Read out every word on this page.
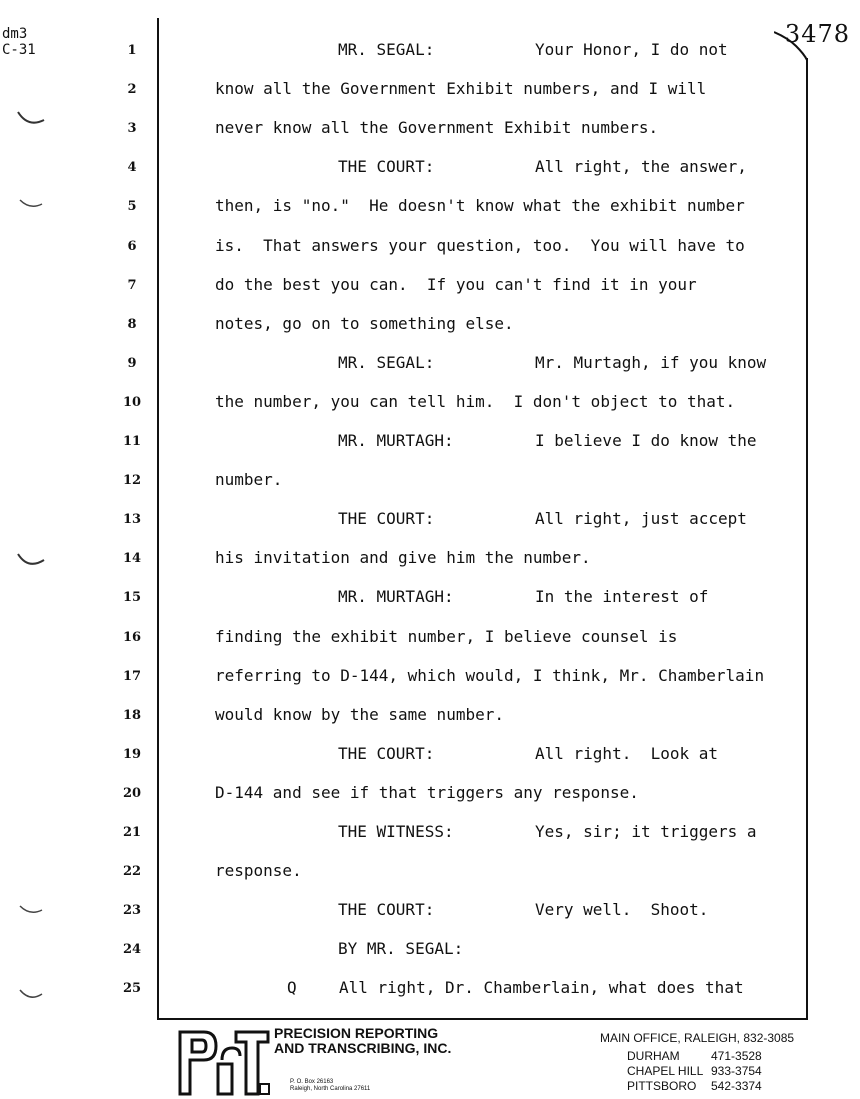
dm3
C-31
3478
1	MR. SEGAL:	Your Honor, I do not
2	know all the Government Exhibit numbers, and I will
3	never know all the Government Exhibit numbers.
4	THE COURT:	All right, the answer,
5	then, is "no."  He doesn't know what the exhibit number
6	is.  That answers your question, too.  You will have to
7	do the best you can.  If you can't find it in your
8	notes, go on to something else.
9	MR. SEGAL:	Mr. Murtagh, if you know
10	the number, you can tell him.  I don't object to that.
11	MR. MURTAGH:	I believe I do know the
12	number.
13	THE COURT:	All right, just accept
14	his invitation and give him the number.
15	MR. MURTAGH:	In the interest of
16	finding the exhibit number, I believe counsel is
17	referring to D-144, which would, I think, Mr. Chamberlain
18	would know by the same number.
19	THE COURT:	All right.  Look at
20	D-144 and see if that triggers any response.
21	THE WITNESS:	Yes, sir; it triggers a
22	response.
23	THE COURT:	Very well.  Shoot.
24	BY MR. SEGAL:
25	Q	All right, Dr. Chamberlain, what does that
PRECISION REPORTING
AND TRANSCRIBING, INC.
P. O. Box 26163
Raleigh, North Carolina 27611
MAIN OFFICE, RALEIGH, 832-3085
DURHAM	471-3528
CHAPEL HILL 933-3754
PITTSBORO 542-3374
